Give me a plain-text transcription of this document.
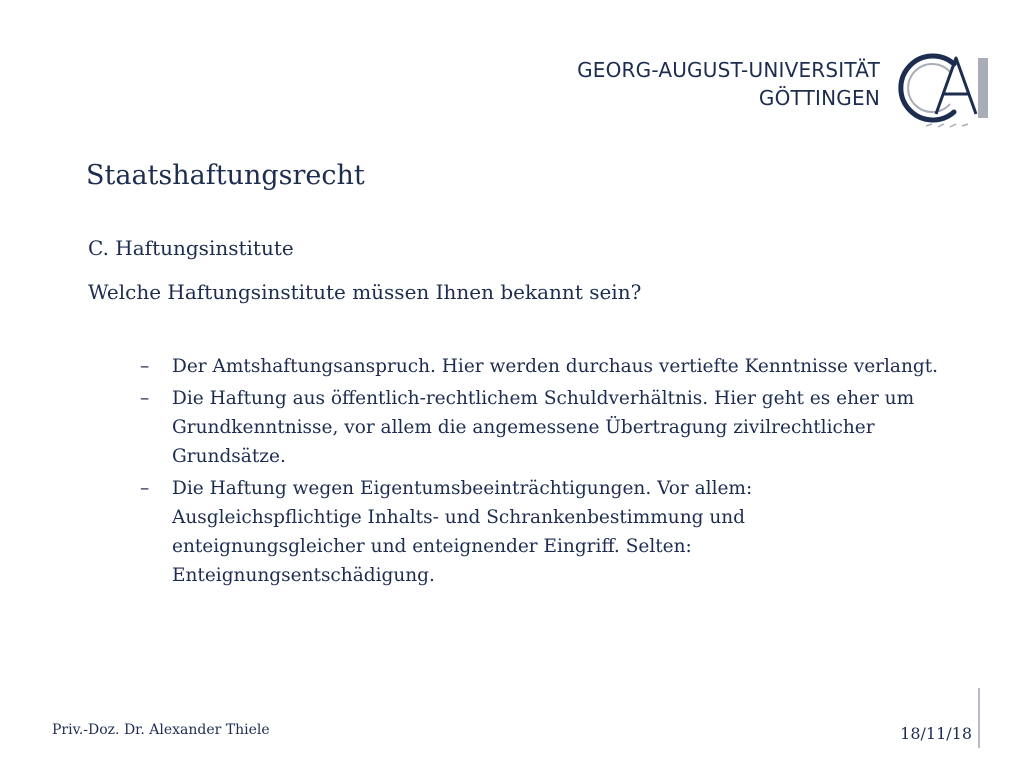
GEORG-AUGUST-UNIVERSITÄT
GÖTTINGEN
Staatshaftungsrecht
C. Haftungsinstitute
Welche Haftungsinstitute müssen Ihnen bekannt sein?
– Der Amtshaftungsanspruch. Hier werden durchaus vertiefte Kenntnisse verlangt.
– Die Haftung aus öffentlich-rechtlichem Schuldverhältnis. Hier geht es eher um Grundkenntnisse, vor allem die angemessene Übertragung zivilrechtlicher Grundsätze.
– Die Haftung wegen Eigentumsbeeinträchtigungen. Vor allem: Ausgleichspflichtige Inhalts- und Schrankenbestimmung und enteignungsgleicher und enteignender Eingriff. Selten: Enteignungsentschädigung.
Priv.-Doz. Dr. Alexander Thiele	18/11/18
